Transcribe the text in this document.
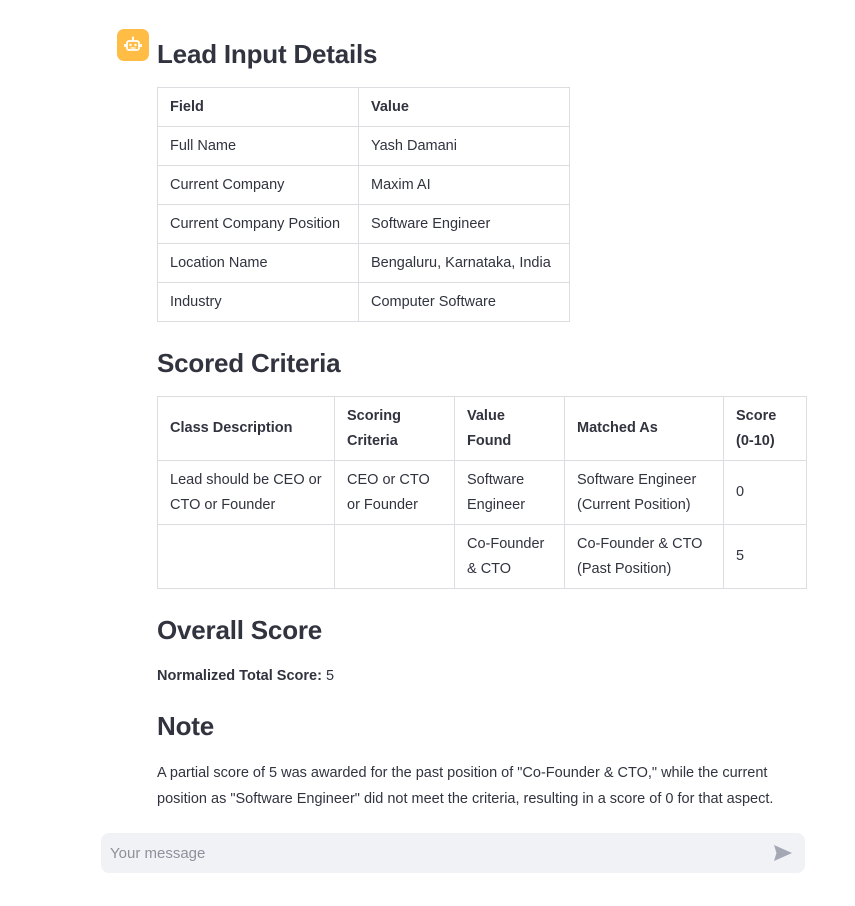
Lead Input Details
Field	Value
Full Name	Yash Damani
Current Company	Maxim AI
Current Company Position	Software Engineer
Location Name	Bengaluru, Karnataka, India
Industry	Computer Software
Scored Criteria
Class Description	Scoring Criteria	Value Found	Matched As	Score (0-10)
Lead should be CEO or CTO or Founder	CEO or CTO or Founder	Software Engineer	Software Engineer (Current Position)	0
		Co-Founder & CTO	Co-Founder & CTO (Past Position)	5
Overall Score

Normalized Total Score: 5

Note

A partial score of 5 was awarded for the past position of "Co-Founder & CTO," while the current position as "Software Engineer" did not meet the criteria, resulting in a score of 0 for that aspect.

Your message
